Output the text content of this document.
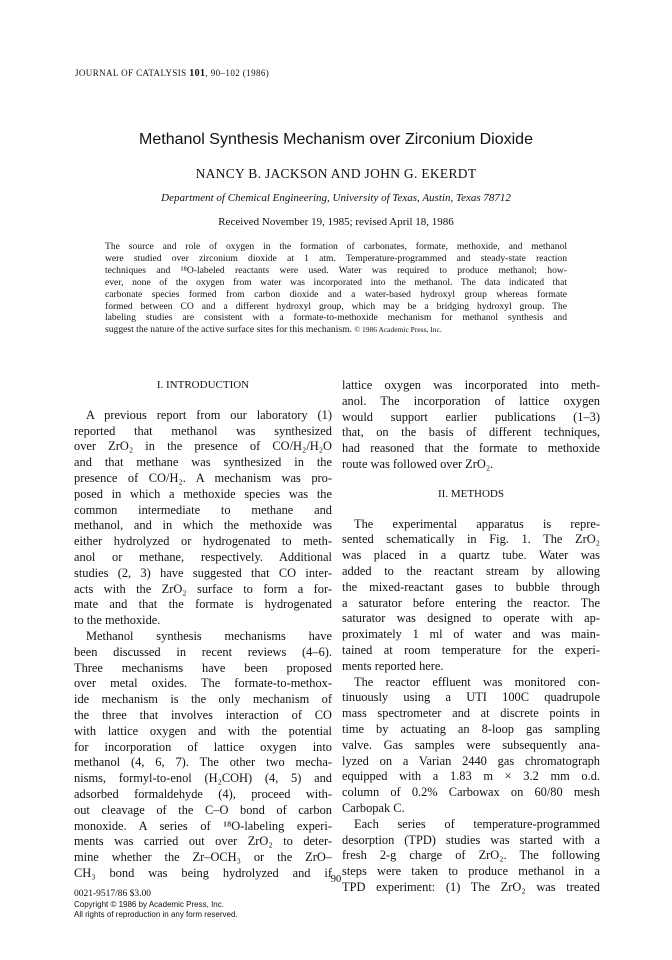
JOURNAL OF CATALYSIS 101, 90–102 (1986)
Methanol Synthesis Mechanism over Zirconium Dioxide
NANCY B. JACKSON AND JOHN G. EKERDT
Department of Chemical Engineering, University of Texas, Austin, Texas 78712
Received November 19, 1985; revised April 18, 1986
The source and role of oxygen in the formation of carbonates, formate, methoxide, and methanol
were studied over zirconium dioxide at 1 atm. Temperature-programmed and steady-state reaction
techniques and ¹⁸O-labeled reactants were used. Water was required to produce methanol; how-
ever, none of the oxygen from water was incorporated into the methanol. The data indicated that
carbonate species formed from carbon dioxide and a water-based hydroxyl group whereas formate
formed between CO and a different hydroxyl group, which may be a bridging hydroxyl group. The
labeling studies are consistent with a formate-to-methoxide mechanism for methanol synthesis and
suggest the nature of the active surface sites for this mechanism. © 1986 Academic Press, Inc.
I. INTRODUCTION
A previous report from our laboratory (1)
reported that methanol was synthesized
over ZrO₂ in the presence of CO/H₂/H₂O
and that methane was synthesized in the
presence of CO/H₂. A mechanism was pro-
posed in which a methoxide species was the
common intermediate to methane and
methanol, and in which the methoxide was
either hydrolyzed or hydrogenated to meth-
anol or methane, respectively. Additional
studies (2, 3) have suggested that CO inter-
acts with the ZrO₂ surface to form a for-
mate and that the formate is hydrogenated
to the methoxide.
Methanol synthesis mechanisms have
been discussed in recent reviews (4–6).
Three mechanisms have been proposed
over metal oxides. The formate-to-methox-
ide mechanism is the only mechanism of
the three that involves interaction of CO
with lattice oxygen and with the potential
for incorporation of lattice oxygen into
methanol (4, 6, 7). The other two mecha-
nisms, formyl-to-enol (H₂COH) (4, 5) and
adsorbed formaldehyde (4), proceed with-
out cleavage of the C–O bond of carbon
monoxide. A series of ¹⁸O-labeling experi-
ments was carried out over ZrO₂ to deter-
mine whether the Zr–OCH₃ or the ZrO–
CH₃ bond was being hydrolyzed and if
lattice oxygen was incorporated into meth-
anol. The incorporation of lattice oxygen
would support earlier publications (1–3)
that, on the basis of different techniques,
had reasoned that the formate to methoxide
route was followed over ZrO₂.
II. METHODS
The experimental apparatus is repre-
sented schematically in Fig. 1. The ZrO₂
was placed in a quartz tube. Water was
added to the reactant stream by allowing
the mixed-reactant gases to bubble through
a saturator before entering the reactor. The
saturator was designed to operate with ap-
proximately 1 ml of water and was main-
tained at room temperature for the experi-
ments reported here.
The reactor effluent was monitored con-
tinuously using a UTI 100C quadrupole
mass spectrometer and at discrete points in
time by actuating an 8-loop gas sampling
valve. Gas samples were subsequently ana-
lyzed on a Varian 2440 gas chromatograph
equipped with a 1.83 m × 3.2 mm o.d.
column of 0.2% Carbowax on 60/80 mesh
Carbopak C.
Each series of temperature-programmed
desorption (TPD) studies was started with a
fresh 2-g charge of ZrO₂. The following
steps were taken to produce methanol in a
TPD experiment: (1) The ZrO₂ was treated
90
0021-9517/86 $3.00
Copyright © 1986 by Academic Press, Inc.
All rights of reproduction in any form reserved.
